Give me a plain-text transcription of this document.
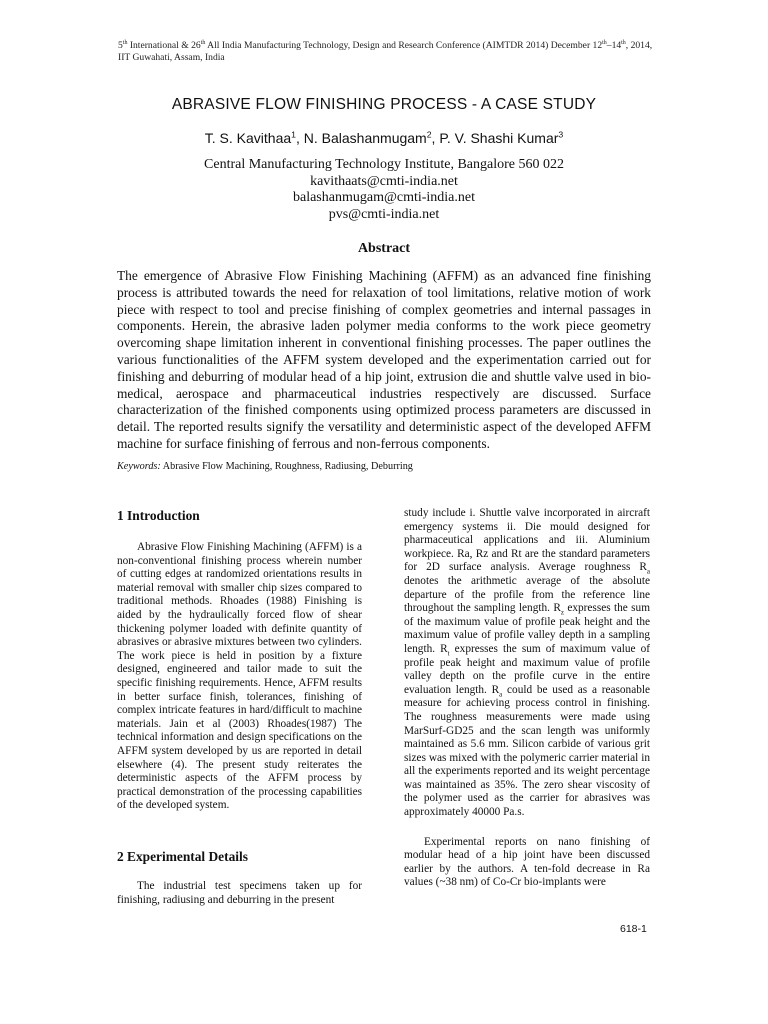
5th International & 26th All India Manufacturing Technology, Design and Research Conference (AIMTDR 2014) December 12th–14th, 2014,
IIT Guwahati, Assam, India
ABRASIVE FLOW FINISHING PROCESS - A CASE STUDY
T. S. Kavithaa$^1$, N. Balashanmugam$^2$, P. V. Shashi Kumar$^3$
Central Manufacturing Technology Institute, Bangalore 560 022
kavithaats@cmti-india.net
balashanmugam@cmti-india.net
pvs@cmti-india.net
Abstract

The emergence of Abrasive Flow Finishing Machining (AFFM) as an advanced fine finishing process is attributed towards the need for relaxation of tool limitations, relative motion of work piece with respect to tool and precise finishing of complex geometries and internal passages in components. Herein, the abrasive laden polymer media conforms to the work piece geometry overcoming shape limitation inherent in conventional finishing processes. The paper outlines the various functionalities of the AFFM system developed and the experimentation carried out for finishing and deburring of modular head of a hip joint, extrusion die and shuttle valve used in bio-medical, aerospace and pharmaceutical industries respectively are discussed. Surface characterization of the finished components using optimized process parameters are discussed in detail. The reported results signify the versatility and deterministic aspect of the developed AFFM machine for surface finishing of ferrous and non-ferrous components.

Keywords: Abrasive Flow Machining, Roughness, Radiusing, Deburring
1 Introduction

Abrasive Flow Finishing Machining (AFFM) is a non-conventional finishing process wherein number of cutting edges at randomized orientations results in material removal with smaller chip sizes compared to traditional methods. Rhoades (1988) Finishing is aided by the hydraulically forced flow of shear thickening polymer loaded with definite quantity of abrasives or abrasive mixtures between two cylinders. The work piece is held in position by a fixture designed, engineered and tailor made to suit the specific finishing requirements. Hence, AFFM results in better surface finish, tolerances, finishing of complex intricate features in hard/difficult to machine materials. Jain et al (2003) Rhoades(1987) The technical information and design specifications on the AFFM system developed by us are reported in detail elsewhere (4). The present study reiterates the deterministic aspects of the AFFM process by practical demonstration of the processing capabilities of the developed system.

2 Experimental Details

The industrial test specimens taken up for finishing, radiusing and deburring in the present

study include i. Shuttle valve incorporated in aircraft emergency systems ii. Die mould designed for pharmaceutical applications and iii. Aluminium workpiece. Ra, Rz and Rt are the standard parameters for 2D surface analysis. Average roughness $R_a$ denotes the arithmetic average of the absolute departure of the profile from the reference line throughout the sampling length. $R_z$ expresses the sum of the maximum value of profile peak height and the maximum value of profile valley depth in a sampling length. $R_t$ expresses the sum of maximum value of profile peak height and maximum value of profile valley depth on the profile curve in the entire evaluation length. $R_a$ could be used as a reasonable measure for achieving process control in finishing. The roughness measurements were made using MarSurf-GD25 and the scan length was uniformly maintained as 5.6 mm. Silicon carbide of various grit sizes was mixed with the polymeric carrier material in all the experiments reported and its weight percentage was maintained as 35%. The zero shear viscosity of the polymer used as the carrier for abrasives was approximately 40000 Pa.s.

Experimental reports on nano finishing of modular head of a hip joint have been discussed earlier by the authors. A ten-fold decrease in Ra values (~38 nm) of Co-Cr bio-implants were

618-1
